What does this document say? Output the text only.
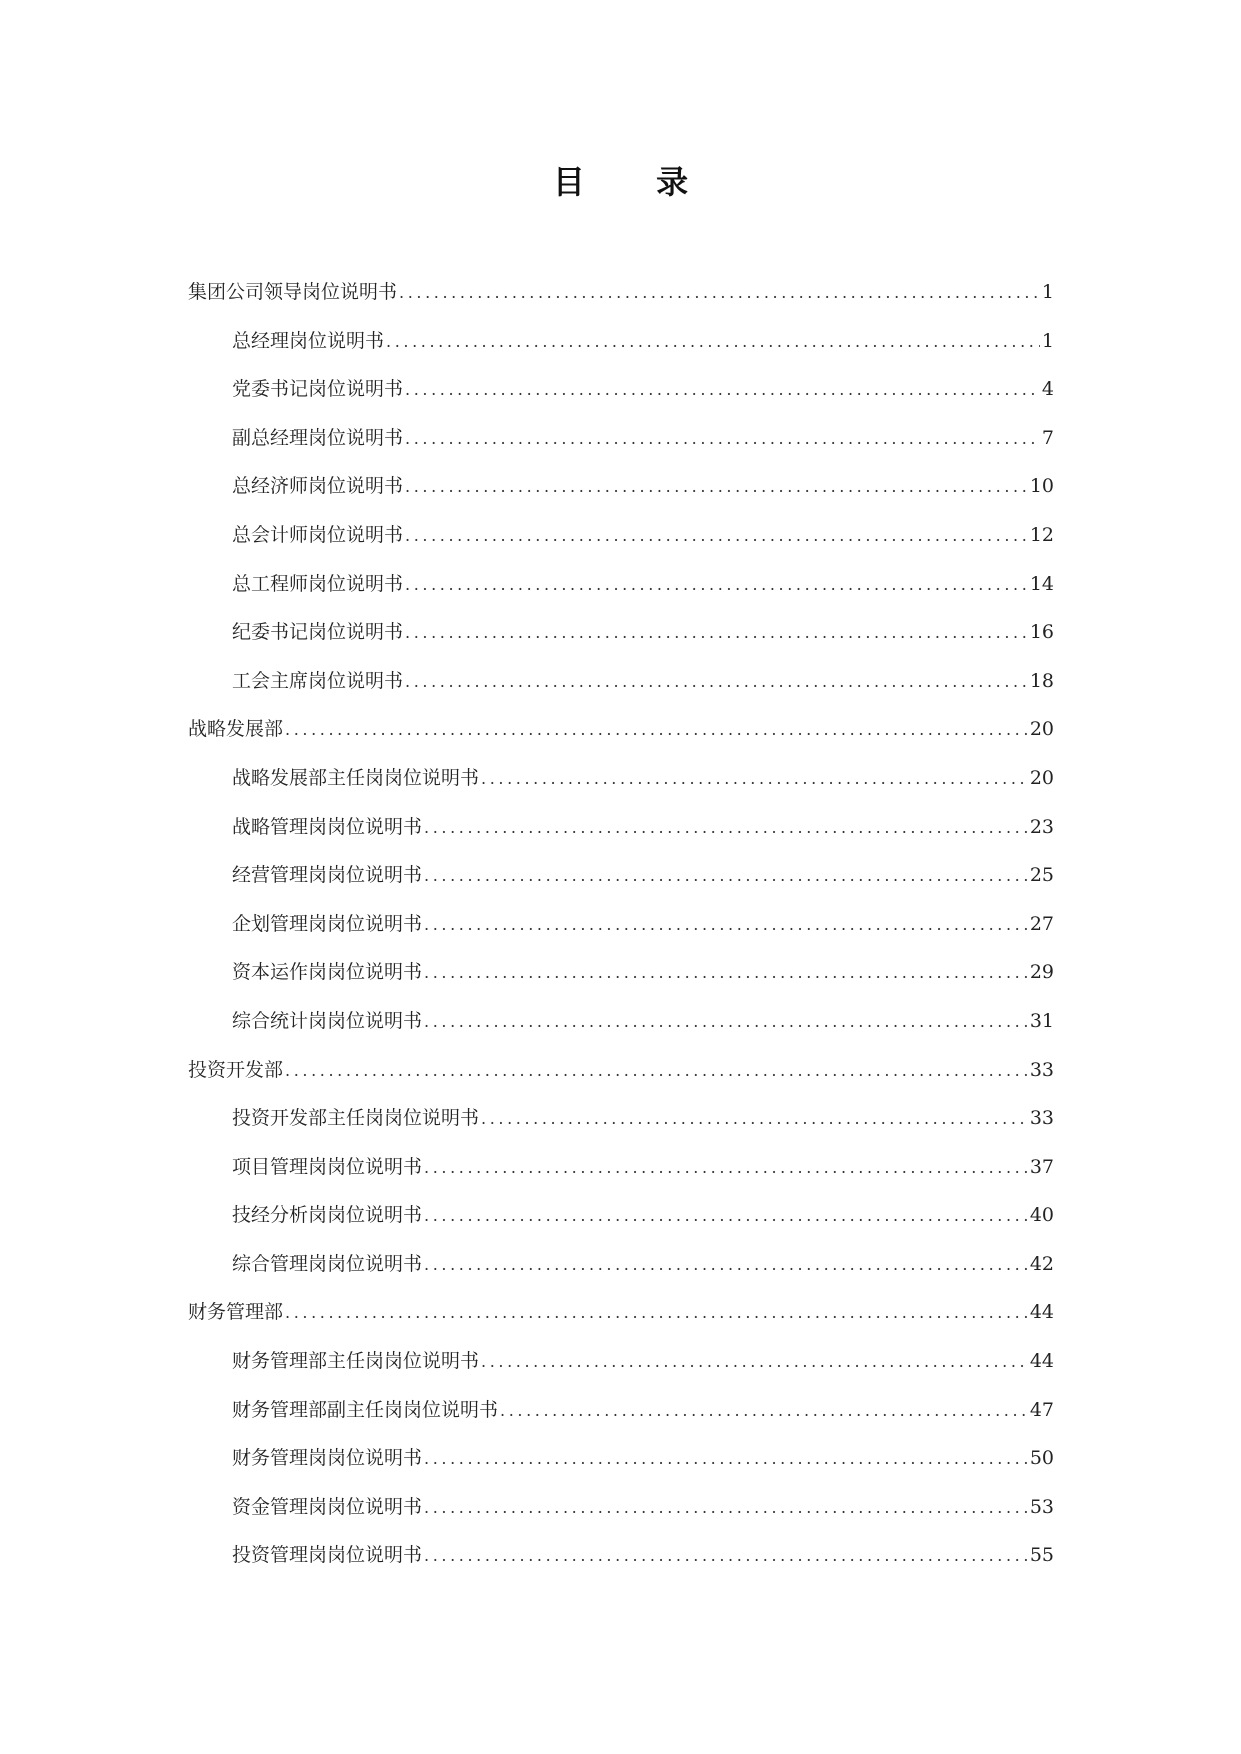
目 录
集团公司领导岗位说明书 .....	1
总经理岗位说明书 .....	1
党委书记岗位说明书 .....	4
副总经理岗位说明书 .....	7
总经济师岗位说明书 .....	10
总会计师岗位说明书 .....	12
总工程师岗位说明书 .....	14
纪委书记岗位说明书 .....	16
工会主席岗位说明书 .....	18
战略发展部 .....	20
战略发展部主任岗岗位说明书 .....	20
战略管理岗岗位说明书 .....	23
经营管理岗岗位说明书 .....	25
企划管理岗岗位说明书 .....	27
资本运作岗岗位说明书 .....	29
综合统计岗岗位说明书 .....	31
投资开发部 .....	33
投资开发部主任岗岗位说明书 .....	33
项目管理岗岗位说明书 .....	37
技经分析岗岗位说明书 .....	40
综合管理岗岗位说明书 .....	42
财务管理部 .....	44
财务管理部主任岗岗位说明书 .....	44
财务管理部副主任岗岗位说明书 .....	47
财务管理岗岗位说明书 .....	50
资金管理岗岗位说明书 .....	53
投资管理岗岗位说明书 .....	55
